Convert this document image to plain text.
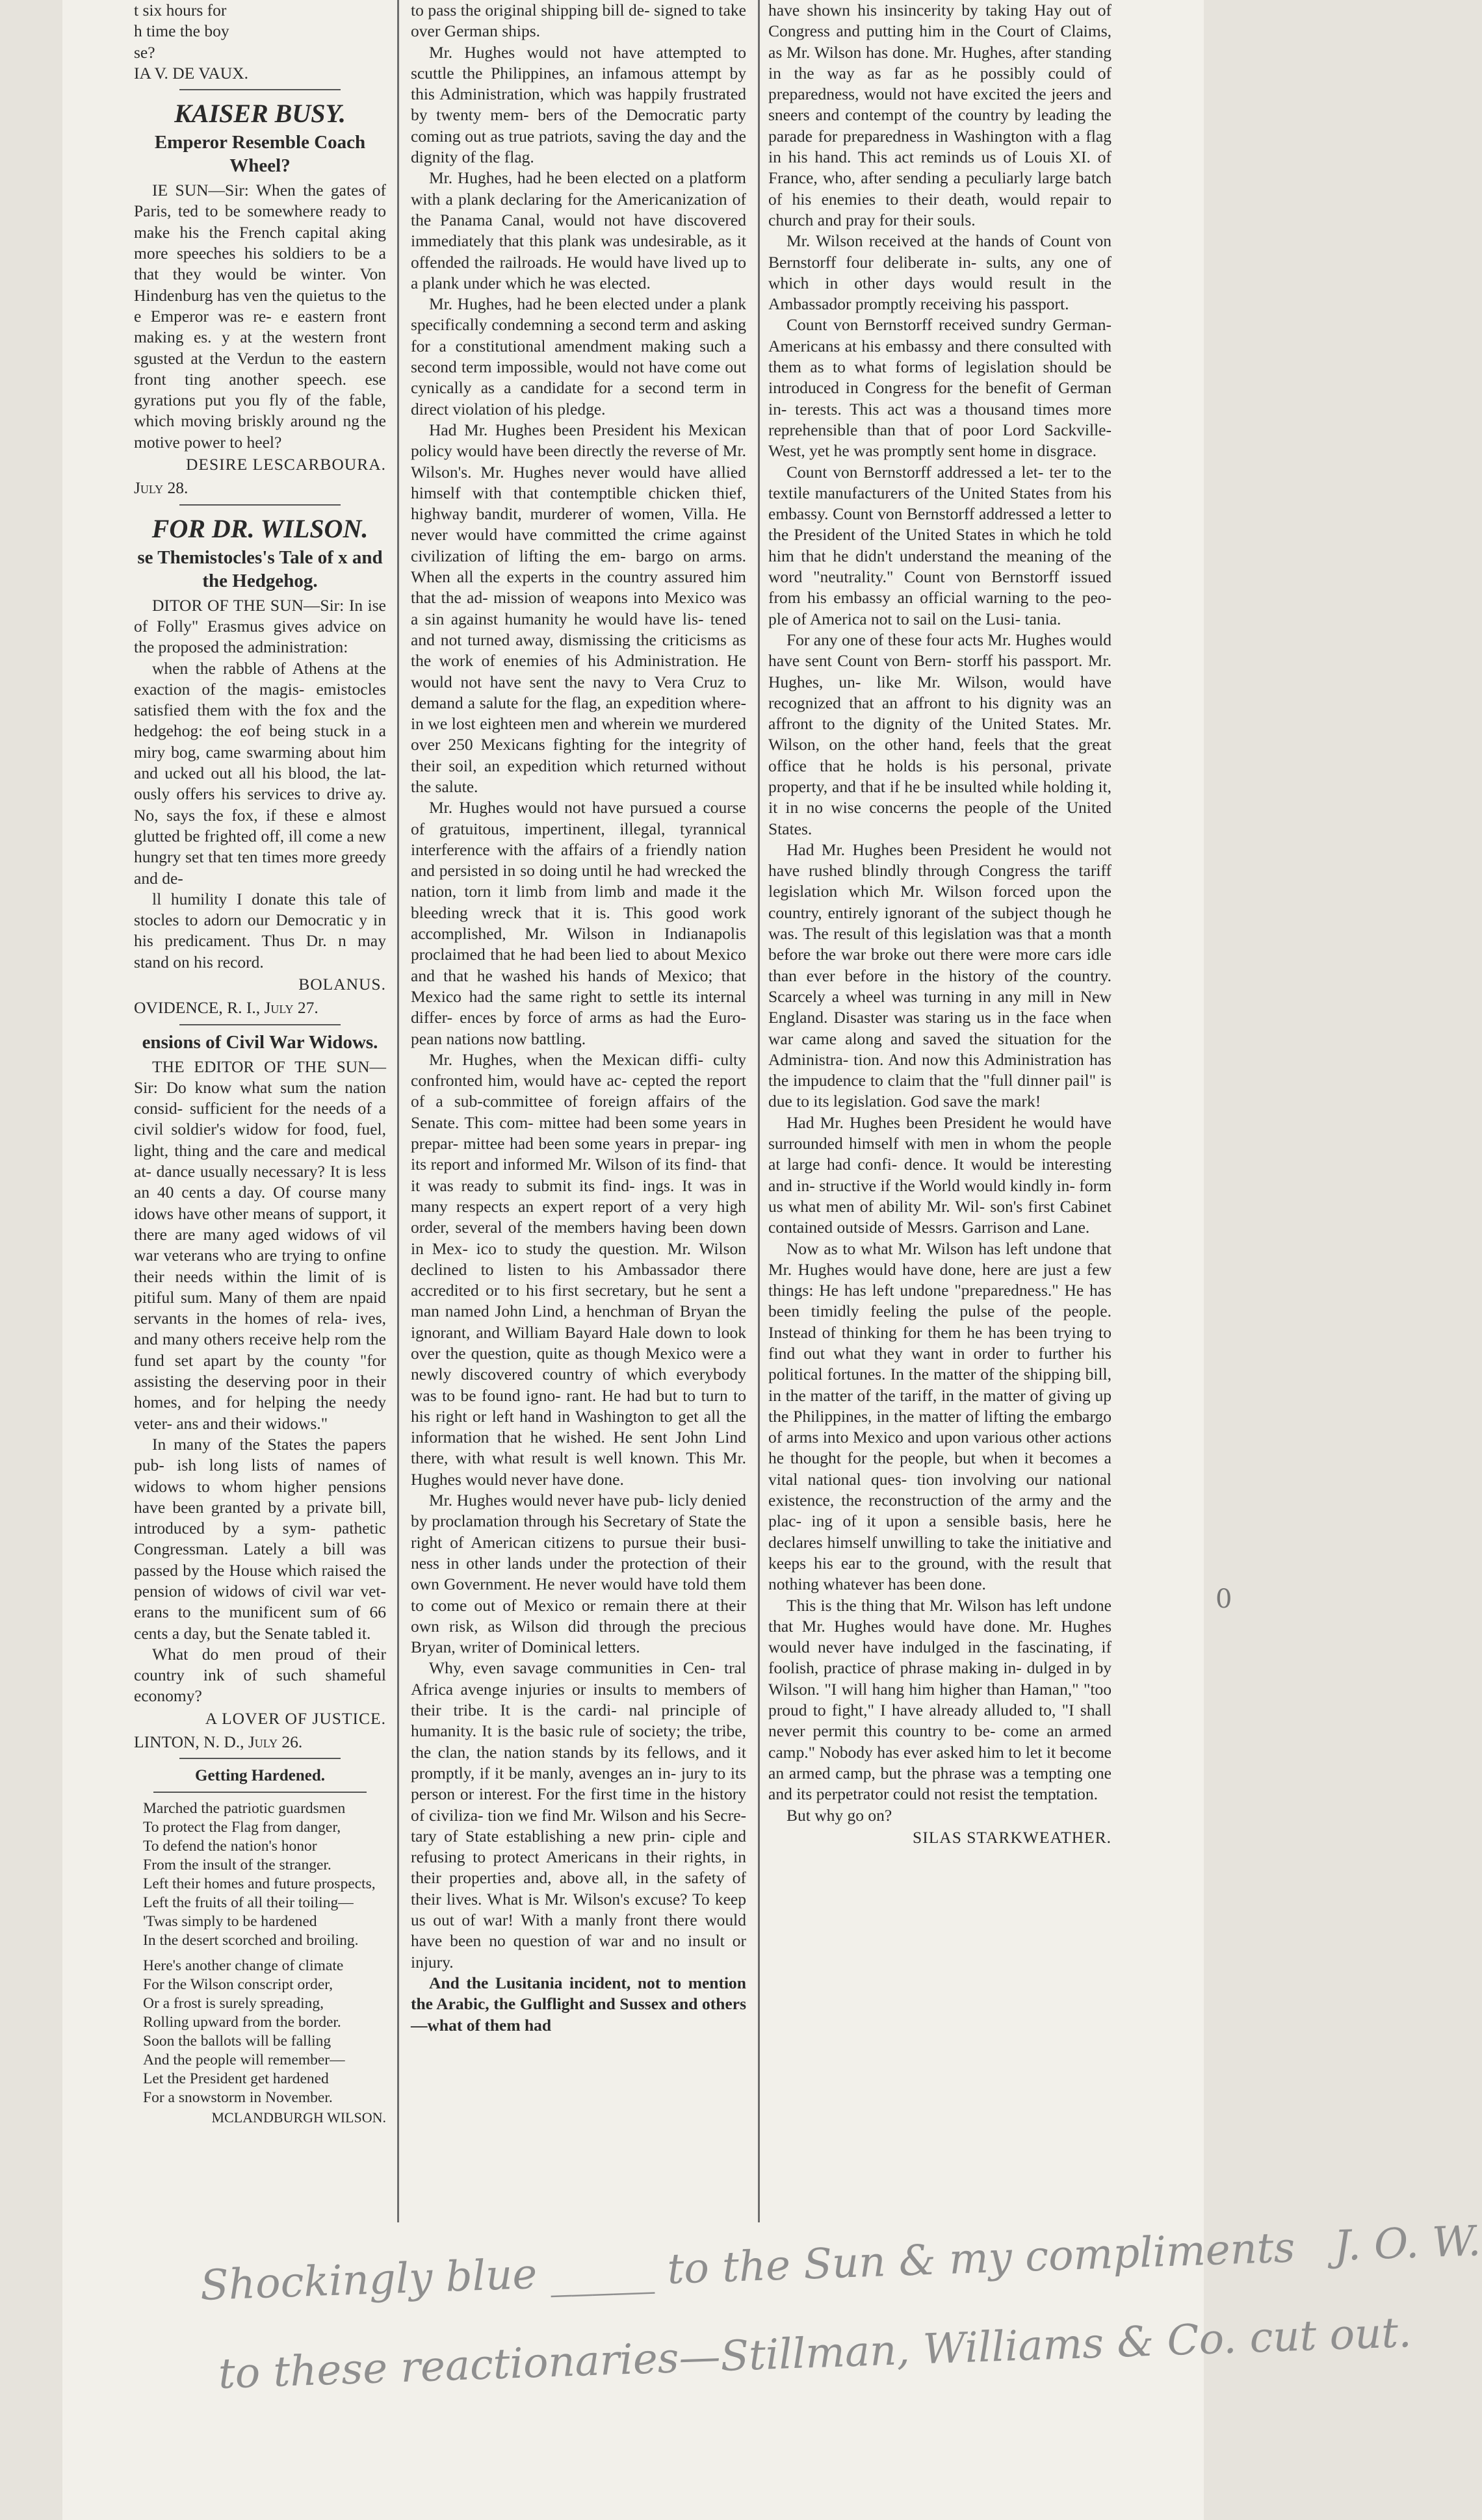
t six hours for

h time the boy

se?

IA V. DE VAUX.

KAISER BUSY.
Emperor Resemble Coach Wheel?

IE SUN—Sir: When the gates of Paris, ted to be somewhere ready to make his the French capital aking more speeches his soldiers to be a that they would be winter. Von Hindenburg has ven the quietus to the e Emperor was re- e eastern front making es. y at the western front sgusted at the Verdun to the eastern front ting another speech. ese gyrations put you fly of the fable, which moving briskly around ng the motive power to heel?

DESIRE LESCARBOURA.

July 28.

FOR DR. WILSON.
se Themistocles's Tale of x and the Hedgehog.

DITOR OF THE SUN—Sir: In ise of Folly" Erasmus gives advice on the proposed the administration:

when the rabble of Athens at the exaction of the magis- emistocles satisfied them with the fox and the hedgehog: the eof being stuck in a miry bog, came swarming about him and ucked out all his blood, the lat- ously offers his services to drive ay. No, says the fox, if these e almost glutted be frighted off, ill come a new hungry set that ten times more greedy and de-

ll humility I donate this tale of stocles to adorn our Democratic y in his predicament. Thus Dr. n may stand on his record.

BOLANUS.

OVIDENCE, R. I., July 27.

ensions of Civil War Widows.

THE EDITOR OF THE SUN—Sir: Do know what sum the nation consid- sufficient for the needs of a civil soldier's widow for food, fuel, light, thing and the care and medical at- dance usually necessary? It is less an 40 cents a day. Of course many idows have other means of support, it there are many aged widows of vil war veterans who are trying to onfine their needs within the limit of is pitiful sum. Many of them are npaid servants in the homes of rela- ives, and many others receive help rom the fund set apart by the county "for assisting the deserving poor in their homes, and for helping the needy veter- ans and their widows."

In many of the States the papers pub- ish long lists of names of widows to whom higher pensions have been granted by a private bill, introduced by a sym- pathetic Congressman. Lately a bill was passed by the House which raised the pension of widows of civil war vet- erans to the munificent sum of 66 cents a day, but the Senate tabled it.

What do men proud of their country ink of such shameful economy?

A LOVER OF JUSTICE.

LINTON, N. D., July 26.

Getting Hardened.

Marched the patriotic guardsmen
To protect the Flag from danger,
To defend the nation's honor
From the insult of the stranger.
Left their homes and future prospects,
Left the fruits of all their toiling—
'Twas simply to be hardened
In the desert scorched and broiling.

Here's another change of climate
For the Wilson conscript order,
Or a frost is surely spreading,
Rolling upward from the border.
Soon the ballots will be falling
And the people will remember—
Let the President get hardened
For a snowstorm in November.

MCLANDBURGH WILSON.

to pass the original shipping bill de- signed to take over German ships.

Mr. Hughes would not have attempted to scuttle the Philippines, an infamous attempt by this Administration, which was happily frustrated by twenty mem- bers of the Democratic party coming out as true patriots, saving the day and the dignity of the flag.

Mr. Hughes, had he been elected on a platform with a plank declaring for the Americanization of the Panama Canal, would not have discovered immediately that this plank was undesirable, as it offended the railroads. He would have lived up to a plank under which he was elected.

Mr. Hughes, had he been elected under a plank specifically condemning a second term and asking for a constitutional amendment making such a second term impossible, would not have come out cynically as a candidate for a second term in direct violation of his pledge.

Had Mr. Hughes been President his Mexican policy would have been directly the reverse of Mr. Wilson's. Mr. Hughes never would have allied himself with that contemptible chicken thief, highway bandit, murderer of women, Villa. He never would have committed the crime against civilization of lifting the em- bargo on arms. When all the experts in the country assured him that the ad- mission of weapons into Mexico was a sin against humanity he would have lis- tened and not turned away, dismissing the criticisms as the work of enemies of his Administration. He would not have sent the navy to Vera Cruz to demand a salute for the flag, an expedition where- in we lost eighteen men and wherein we murdered over 250 Mexicans fighting for the integrity of their soil, an expedition which returned without the salute.

Mr. Hughes would not have pursued a course of gratuitous, impertinent, illegal, tyrannical interference with the affairs of a friendly nation and persisted in so doing until he had wrecked the nation, torn it limb from limb and made it the bleeding wreck that it is. This good work accomplished, Mr. Wilson in Indianapolis proclaimed that he had been lied to about Mexico and that he washed his hands of Mexico; that Mexico had the same right to settle its internal differ- ences by force of arms as had the Euro- pean nations now battling.

Mr. Hughes, when the Mexican diffi- culty confronted him, would have ac- cepted the report of a sub-committee of foreign affairs of the Senate. This com- mittee had been some years in prepar- mittee had been some years in prepar- ing its report and informed Mr. Wilson of its find- that it was ready to submit its find- ings. It was in many respects an expert report of a very high order, several of the members having been down in Mex- ico to study the question. Mr. Wilson declined to listen to his Ambassador there accredited or to his first secretary, but he sent a man named John Lind, a henchman of Bryan the ignorant, and William Bayard Hale down to look over the question, quite as though Mexico were a newly discovered country of which everybody was to be found igno- rant. He had but to turn to his right or left hand in Washington to get all the information that he wished. He sent John Lind there, with what result is well known. This Mr. Hughes would never have done.

Mr. Hughes would never have pub- licly denied by proclamation through his Secretary of State the right of American citizens to pursue their busi- ness in other lands under the protection of their own Government. He never would have told them to come out of Mexico or remain there at their own risk, as Wilson did through the precious Bryan, writer of Dominical letters.

Why, even savage communities in Cen- tral Africa avenge injuries or insults to members of their tribe. It is the cardi- nal principle of humanity. It is the basic rule of society; the tribe, the clan, the nation stands by its fellows, and it promptly, if it be manly, avenges an in- jury to its person or interest. For the first time in the history of civiliza- tion we find Mr. Wilson and his Secre- tary of State establishing a new prin- ciple and refusing to protect Americans in their rights, in their properties and, above all, in the safety of their lives. What is Mr. Wilson's excuse? To keep us out of war! With a manly front there would have been no question of war and no insult or injury.

And the Lusitania incident, not to mention the Arabic, the Gulflight and Sussex and others—what of them had

have shown his insincerity by taking Hay out of Congress and putting him in the Court of Claims, as Mr. Wilson has done. Mr. Hughes, after standing in the way as far as he possibly could of preparedness, would not have excited the jeers and sneers and contempt of the country by leading the parade for preparedness in Washington with a flag in his hand. This act reminds us of Louis XI. of France, who, after sending a peculiarly large batch of his enemies to their death, would repair to church and pray for their souls.

Mr. Wilson received at the hands of Count von Bernstorff four deliberate in- sults, any one of which in other days would result in the Ambassador promptly receiving his passport.

Count von Bernstorff received sundry German-Americans at his embassy and there consulted with them as to what forms of legislation should be introduced in Congress for the benefit of German in- terests. This act was a thousand times more reprehensible than that of poor Lord Sackville-West, yet he was promptly sent home in disgrace.

Count von Bernstorff addressed a let- ter to the textile manufacturers of the United States from his embassy. Count von Bernstorff addressed a letter to the President of the United States in which he told him that he didn't understand the meaning of the word "neutrality." Count von Bernstorff issued from his embassy an official warning to the peo- ple of America not to sail on the Lusi- tania.

For any one of these four acts Mr. Hughes would have sent Count von Bern- storff his passport. Mr. Hughes, un- like Mr. Wilson, would have recognized that an affront to his dignity was an affront to the dignity of the United States. Mr. Wilson, on the other hand, feels that the great office that he holds is his personal, private property, and that if he be insulted while holding it, it in no wise concerns the people of the United States.

Had Mr. Hughes been President he would not have rushed blindly through Congress the tariff legislation which Mr. Wilson forced upon the country, entirely ignorant of the subject though he was. The result of this legislation was that a month before the war broke out there were more cars idle than ever before in the history of the country. Scarcely a wheel was turning in any mill in New England. Disaster was staring us in the face when war came along and saved the situation for the Administra- tion. And now this Administration has the impudence to claim that the "full dinner pail" is due to its legislation. God save the mark!

Had Mr. Hughes been President he would have surrounded himself with men in whom the people at large had confi- dence. It would be interesting and in- structive if the World would kindly in- form us what men of ability Mr. Wil- son's first Cabinet contained outside of Messrs. Garrison and Lane.

Now as to what Mr. Wilson has left undone that Mr. Hughes would have done, here are just a few things: He has left undone "preparedness." He has been timidly feeling the pulse of the people. Instead of thinking for them he has been trying to find out what they want in order to further his political fortunes. In the matter of the shipping bill, in the matter of the tariff, in the matter of giving up the Philippines, in the matter of lifting the embargo of arms into Mexico and upon various other actions he thought for the people, but when it becomes a vital national ques- tion involving our national existence, the reconstruction of the army and the plac- ing of it upon a sensible basis, here he declares himself unwilling to take the initiative and keeps his ear to the ground, with the result that nothing whatever has been done.

This is the thing that Mr. Wilson has left undone that Mr. Hughes would have done. Mr. Hughes would never have indulged in the fascinating, if foolish, practice of phrase making in- dulged in by Wilson. "I will hang him higher than Haman," "too proud to fight," I have already alluded to, "I shall never permit this country to be- come an armed camp." Nobody has ever asked him to let it become an armed camp, but the phrase was a tempting one and its perpetrator could not resist the temptation.

But why go on?

SILAS STARKWEATHER.

0
Shockingly blue _____ to the Sun & my compliments J. O. W.
to these reactionaries—Stillman, Williams & Co. cut out.
